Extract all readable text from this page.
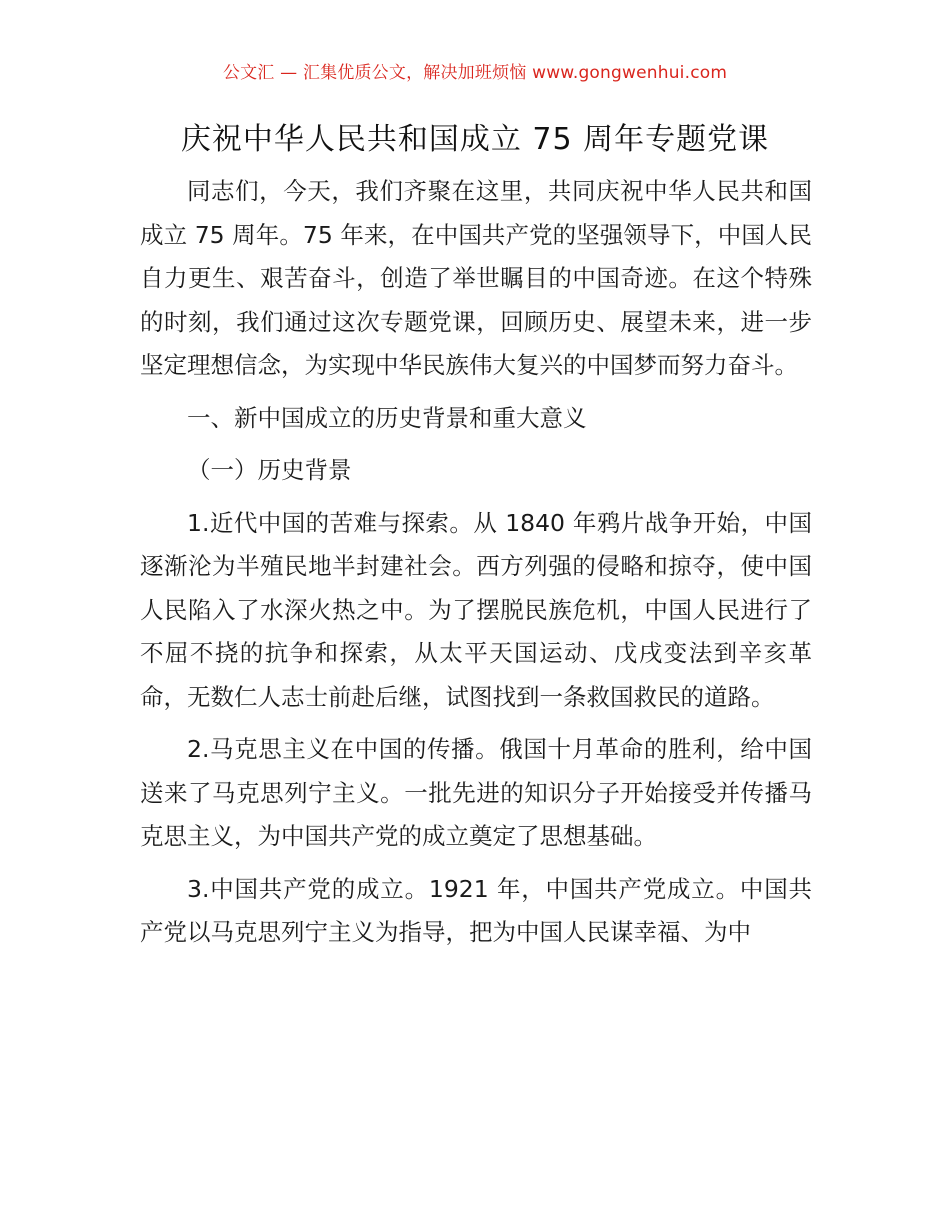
公文汇 — 汇集优质公文，解决加班烦恼 www.gongwenhui.com
庆祝中华人民共和国成立 75 周年专题党课

同志们，今天，我们齐聚在这里，共同庆祝中华人民共和国成立 75 周年。75 年来，在中国共产党的坚强领导下，中国人民自力更生、艰苦奋斗，创造了举世瞩目的中国奇迹。在这个特殊的时刻，我们通过这次专题党课，回顾历史、展望未来，进一步坚定理想信念，为实现中华民族伟大复兴的中国梦而努力奋斗。

一、新中国成立的历史背景和重大意义

（一）历史背景

1.近代中国的苦难与探索。从 1840 年鸦片战争开始，中国逐渐沦为半殖民地半封建社会。西方列强的侵略和掠夺，使中国人民陷入了水深火热之中。为了摆脱民族危机，中国人民进行了不屈不挠的抗争和探索，从太平天国运动、戊戌变法到辛亥革命，无数仁人志士前赴后继，试图找到一条救国救民的道路。

2.马克思主义在中国的传播。俄国十月革命的胜利，给中国送来了马克思列宁主义。一批先进的知识分子开始接受并传播马克思主义，为中国共产党的成立奠定了思想基础。

3.中国共产党的成立。1921 年，中国共产党成立。中国共产党以马克思列宁主义为指导，把为中国人民谋幸福、为中
